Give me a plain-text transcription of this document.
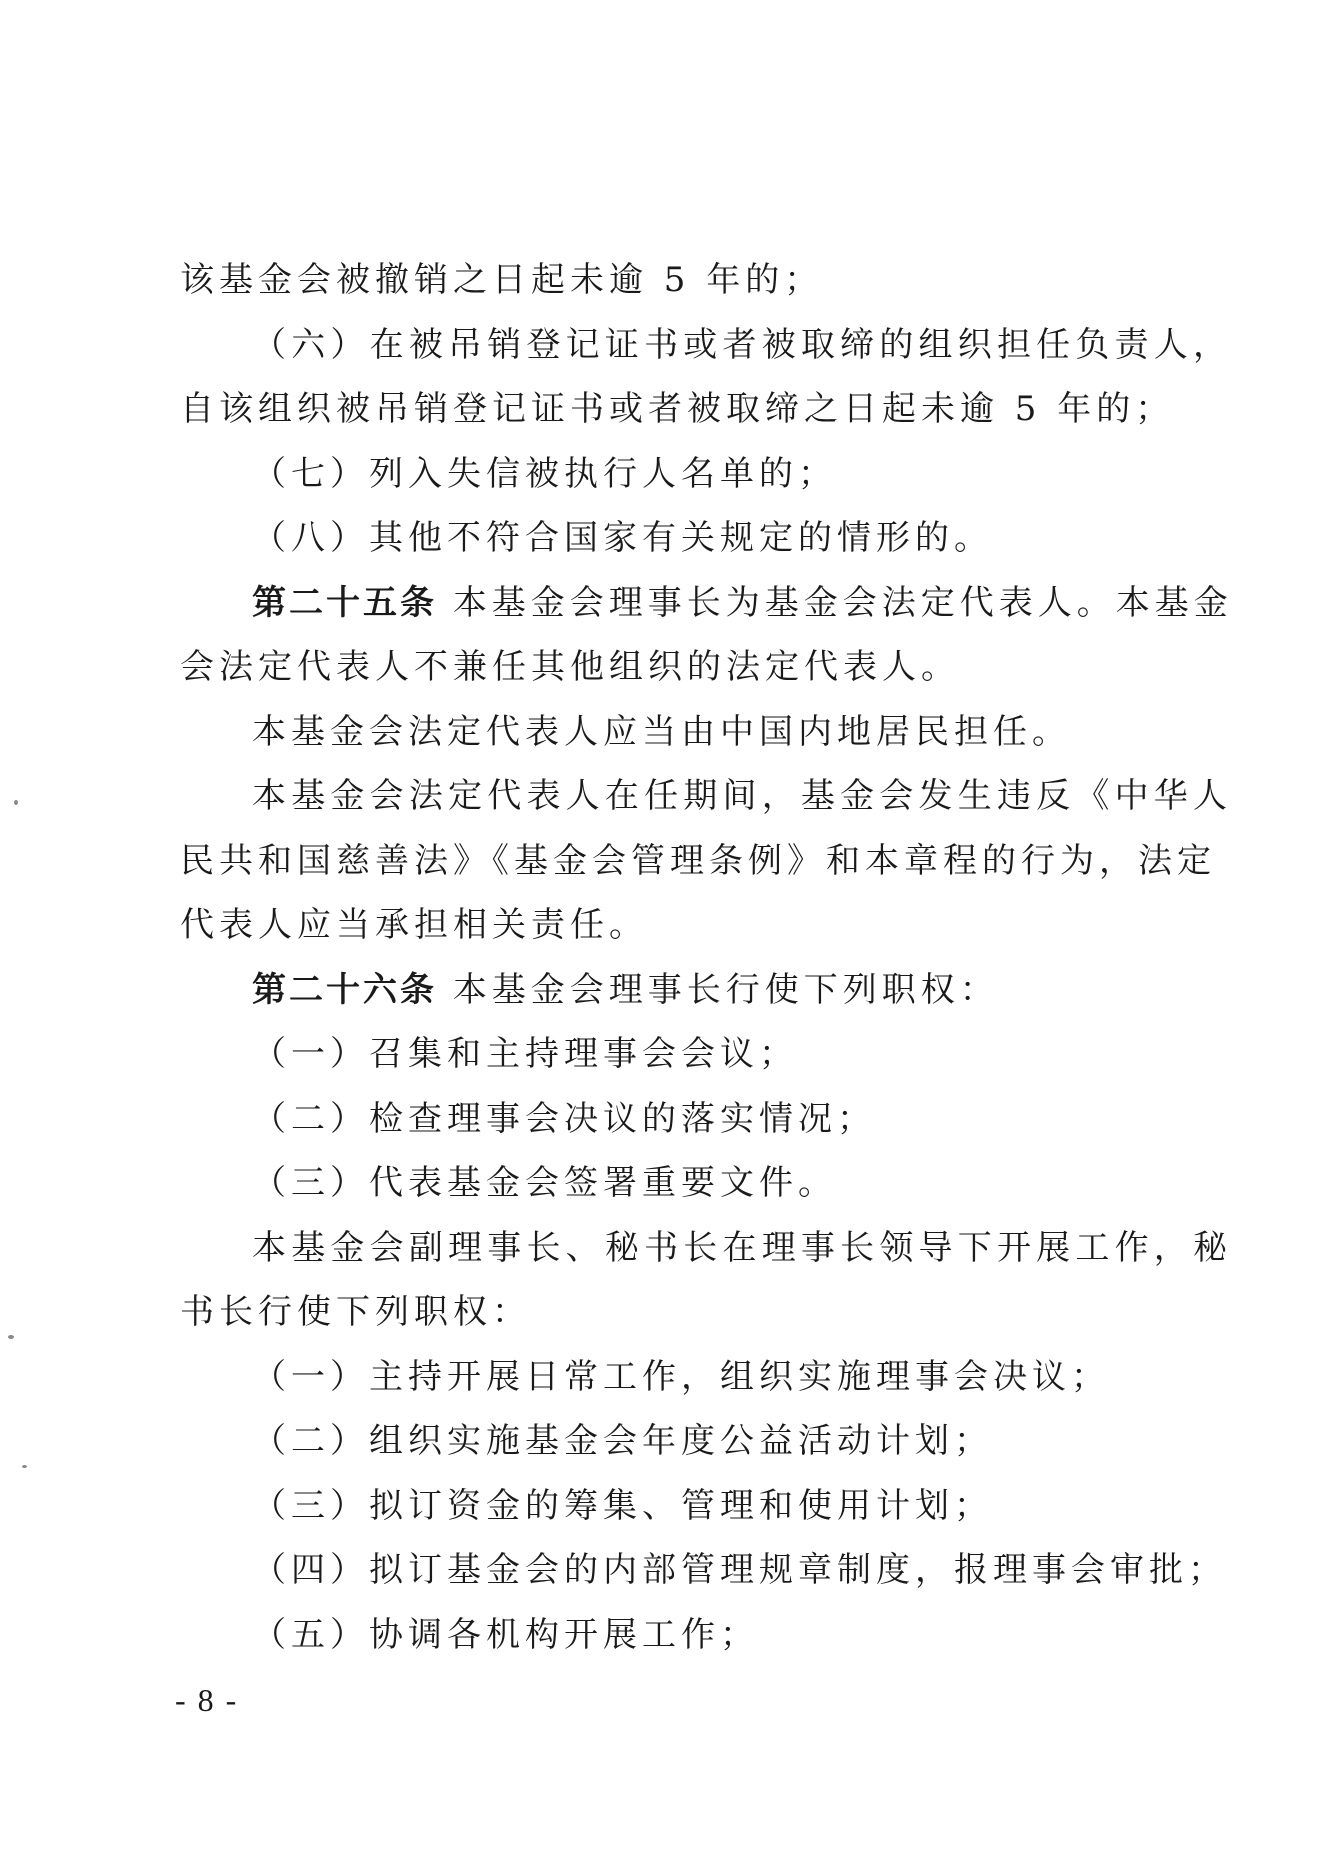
该基金会被撤销之日起未逾 5 年的；
（六）在被吊销登记证书或者被取缔的组织担任负责人，
自该组织被吊销登记证书或者被取缔之日起未逾 5 年的；
（七）列入失信被执行人名单的；
（八）其他不符合国家有关规定的情形的。
第二十五条 本基金会理事长为基金会法定代表人。本基金
会法定代表人不兼任其他组织的法定代表人。
本基金会法定代表人应当由中国内地居民担任。
本基金会法定代表人在任期间，基金会发生违反《中华人
民共和国慈善法》《基金会管理条例》和本章程的行为，法定
代表人应当承担相关责任。
第二十六条 本基金会理事长行使下列职权：
（一）召集和主持理事会会议；
（二）检查理事会决议的落实情况；
（三）代表基金会签署重要文件。
本基金会副理事长、秘书长在理事长领导下开展工作，秘
书长行使下列职权：
（一）主持开展日常工作，组织实施理事会决议；
（二）组织实施基金会年度公益活动计划；
（三）拟订资金的筹集、管理和使用计划；
（四）拟订基金会的内部管理规章制度，报理事会审批；
（五）协调各机构开展工作；
- 8 -
